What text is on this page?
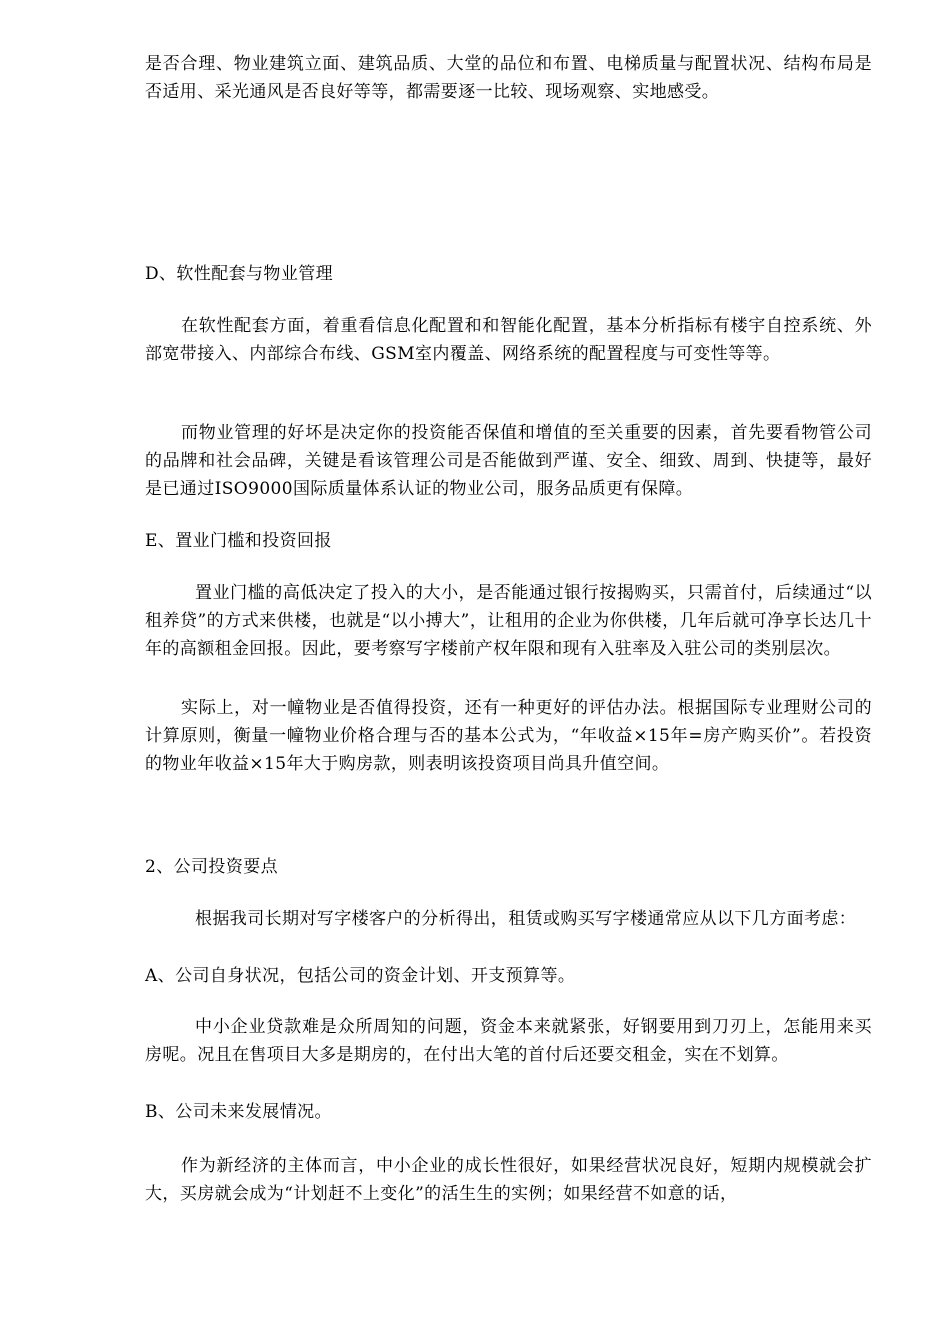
是否合理、物业建筑立面、建筑品质、大堂的品位和布置、电梯质量与配置状况、结构布局是否适用、采光通风是否良好等等，都需要逐一比较、现场观察、实地感受。
D、软性配套与物业管理
在软性配套方面，着重看信息化配置和和智能化配置，基本分析指标有楼宇自控系统、外部宽带接入、内部综合布线、GSM室内覆盖、网络系统的配置程度与可变性等等。
而物业管理的好坏是决定你的投资能否保值和增值的至关重要的因素，首先要看物管公司的品牌和社会品碑，关键是看该管理公司是否能做到严谨、安全、细致、周到、快捷等，最好是已通过ISO9000国际质量体系认证的物业公司，服务品质更有保障。
E、置业门槛和投资回报
置业门槛的高低决定了投入的大小，是否能通过银行按揭购买，只需首付，后续通过“以租养贷”的方式来供楼，也就是“以小搏大”，让租用的企业为你供楼，几年后就可净享长达几十年的高额租金回报。因此，要考察写字楼前产权年限和现有入驻率及入驻公司的类别层次。
实际上，对一幢物业是否值得投资，还有一种更好的评估办法。根据国际专业理财公司的计算原则，衡量一幢物业价格合理与否的基本公式为，“年收益×15年=房产购买价”。若投资的物业年收益×15年大于购房款，则表明该投资项目尚具升值空间。
2、公司投资要点
根据我司长期对写字楼客户的分析得出，租赁或购买写字楼通常应从以下几方面考虑：
A、公司自身状况，包括公司的资金计划、开支预算等。
中小企业贷款难是众所周知的问题，资金本来就紧张，好钢要用到刀刃上，怎能用来买房呢。况且在售项目大多是期房的，在付出大笔的首付后还要交租金，实在不划算。
B、公司未来发展情况。
作为新经济的主体而言，中小企业的成长性很好，如果经营状况良好，短期内规模就会扩大，买房就会成为“计划赶不上变化”的活生生的实例；如果经营不如意的话，
